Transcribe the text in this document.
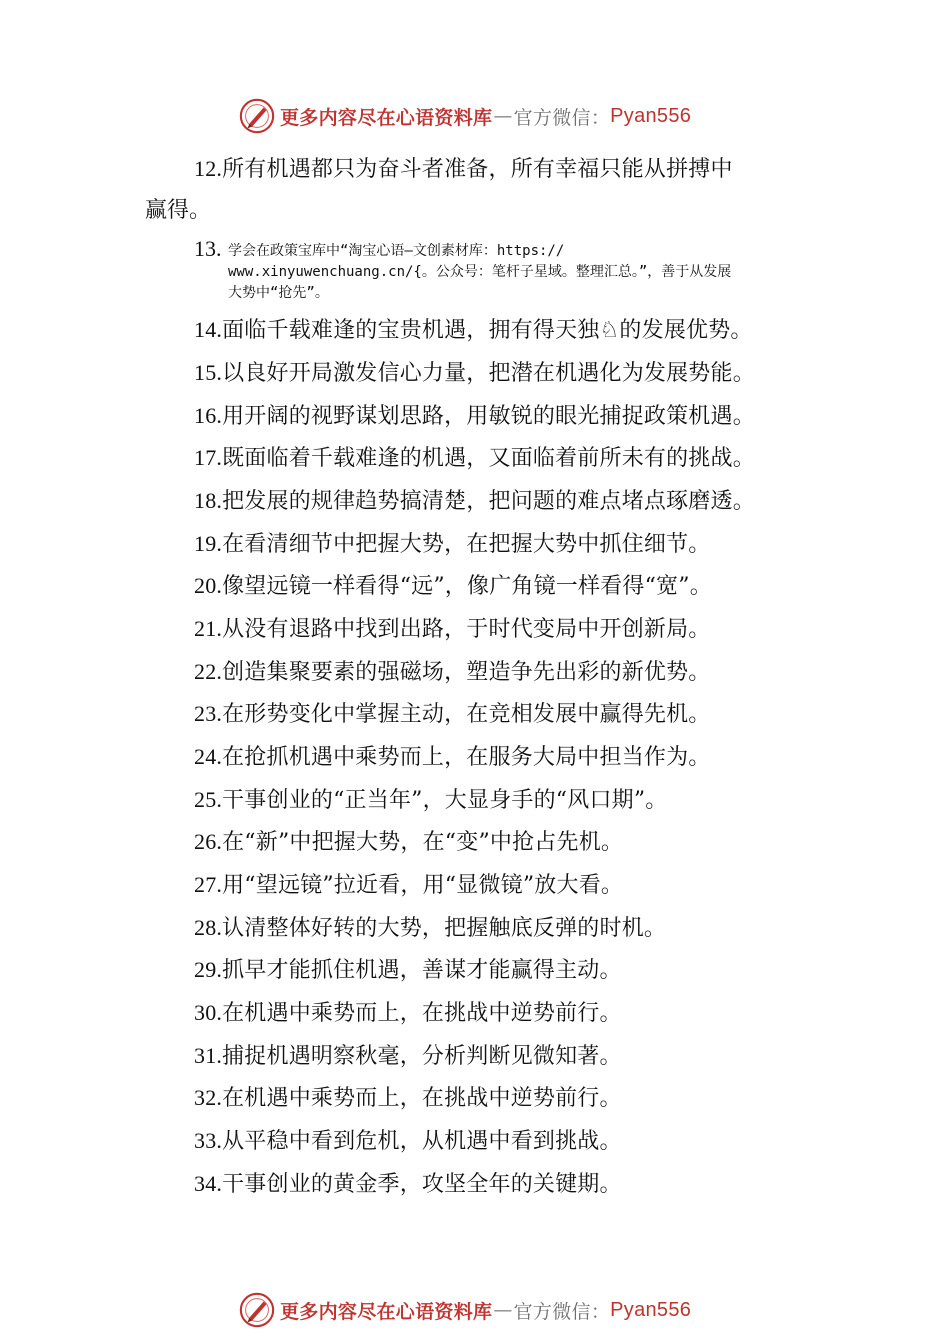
更多内容尽在心语资料库 — 官方微信： Pyan556
12.所有机遇都只为奋斗者准备，所有幸福只能从拼搏中
赢得。
13. 学会在政策宝库中“淘宝心语—文创素材库：https://
www.xinyuwenchuang.cn/{。公众号：笔杆子星域。整理汇总。”，善于从发展
大势中“抢先”。
14.面临千载难逢的宝贵机遇，拥有得天独♘的发展优势。
15.以良好开局激发信心力量，把潜在机遇化为发展势能。
16.用开阔的视野谋划思路，用敏锐的眼光捕捉政策机遇。
17.既面临着千载难逢的机遇，又面临着前所未有的挑战。
18.把发展的规律趋势搞清楚，把问题的难点堵点琢磨透。
19.在看清细节中把握大势，在把握大势中抓住细节。
20.像望远镜一样看得“远”，像广角镜一样看得“宽”。
21.从没有退路中找到出路，于时代变局中开创新局。
22.创造集聚要素的强磁场，塑造争先出彩的新优势。
23.在形势变化中掌握主动，在竞相发展中赢得先机。
24.在抢抓机遇中乘势而上，在服务大局中担当作为。
25.干事创业的“正当年”，大显身手的“风口期”。
26.在“新”中把握大势，在“变”中抢占先机。
27.用“望远镜”拉近看，用“显微镜”放大看。
28.认清整体好转的大势，把握触底反弹的时机。
29.抓早才能抓住机遇，善谋才能赢得主动。
30.在机遇中乘势而上，在挑战中逆势前行。
31.捕捉机遇明察秋毫，分析判断见微知著。
32.在机遇中乘势而上，在挑战中逆势前行。
33.从平稳中看到危机，从机遇中看到挑战。
34.干事创业的黄金季，攻坚全年的关键期。
更多内容尽在心语资料库 — 官方微信： Pyan556
